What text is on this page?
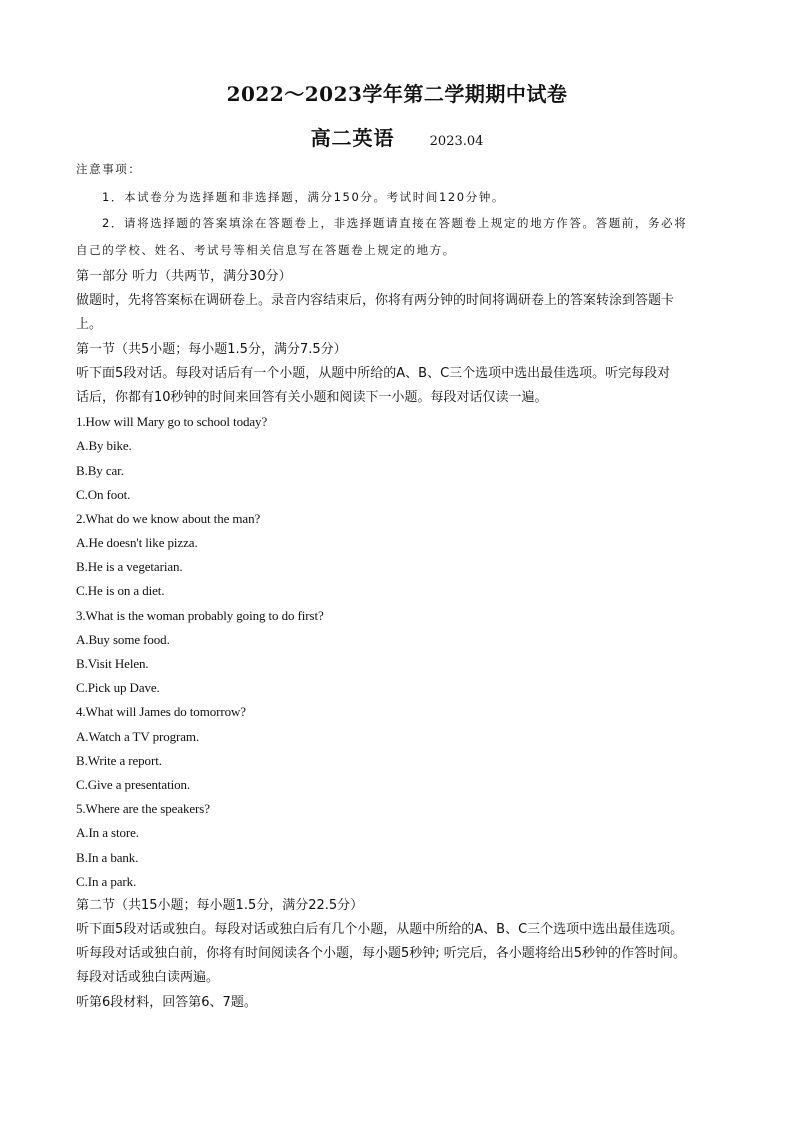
2022～2023学年第二学期期中试卷
高二英语	2023.04
注意事项：
1．本试卷分为选择题和非选择题，满分150分。考试时间120分钟。
2．请将选择题的答案填涂在答题卷上，非选择题请直接在答题卷上规定的地方作答。答题前，务必将
自己的学校、姓名、考试号等相关信息写在答题卷上规定的地方。
第一部分 听力（共两节，满分30分）
做题时，先将答案标在调研卷上。录音内容结束后，你将有两分钟的时间将调研卷上的答案转涂到答题卡
上。
第一节（共5小题；每小题1.5分，满分7.5分）
听下面5段对话。每段对话后有一个小题，从题中所给的A、B、C三个选项中选出最佳选项。听完每段对
话后，你都有10秒钟的时间来回答有关小题和阅读下一小题。每段对话仅读一遍。
1.How will Mary go to school today?
A.By bike.
B.By car.
C.On foot.
2.What do we know about the man?
A.He doesn't like pizza.
B.He is a vegetarian.
C.He is on a diet.
3.What is the woman probably going to do first?
A.Buy some food.
B.Visit Helen.
C.Pick up Dave.
4.What will James do tomorrow?
A.Watch a TV program.
B.Write a report.
C.Give a presentation.
5.Where are the speakers?
A.In a store.
B.In a bank.
C.In a park.
第二节（共15小题；每小题1.5分，满分22.5分）
听下面5段对话或独白。每段对话或独白后有几个小题，从题中所给的A、B、C三个选项中选出最佳选项。
听每段对话或独白前，你将有时间阅读各个小题，每小题5秒钟; 听完后，各小题将给出5秒钟的作答时间。
每段对话或独白读两遍。
听第6段材料，回答第6、7题。
